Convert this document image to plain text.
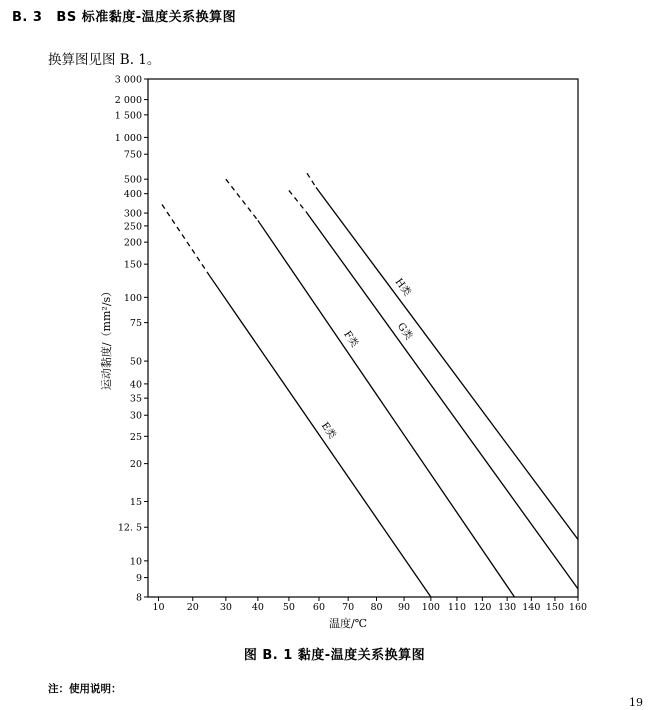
B. 3 BS 标准黏度-温度关系换算图
换算图见图 B. 1。
3 000
2 000
1 500
1 000
750
500
400
300
250
200
150
100
75
50
40
35
30
25
20
15
12. 5
10
9
8
10 20 30 40 50 60 70 80 90 100 110 120 130 140 150 160
E类
F类	G类
H类
温度/℃
运动黏度/（mm²/s）
图 B. 1 黏度-温度关系换算图
注：使用说明：
19
